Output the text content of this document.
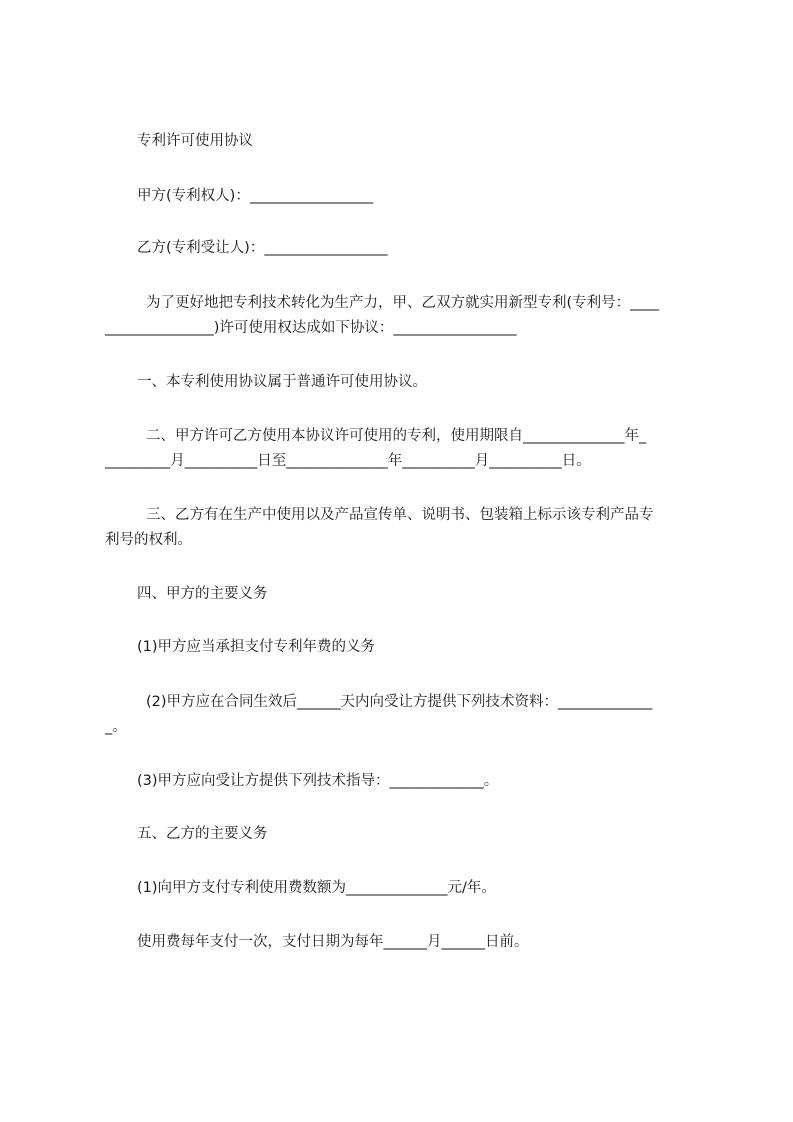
专利许可使用协议
甲方(专利权人)：_________________
乙方(专利受让人)：_________________
为了更好地把专利技术转化为生产力，甲、乙双方就实用新型专利(专利号：____
_______________)许可使用权达成如下协议：_________________
一、本专利使用协议属于普通许可使用协议。
二、甲方许可乙方使用本协议许可使用的专利，使用期限自______________年_
_________月__________日至______________年__________月__________日。
三、乙方有在生产中使用以及产品宣传单、说明书、包装箱上标示该专利产品专
利号的权利。
四、甲方的主要义务
(1)甲方应当承担支付专利年费的义务
(2)甲方应在合同生效后______天内向受让方提供下列技术资料：_____________
_。
(3)甲方应向受让方提供下列技术指导：_____________。
五、乙方的主要义务
(1)向甲方支付专利使用费数额为______________元/年。
使用费每年支付一次，支付日期为每年______月______日前。
